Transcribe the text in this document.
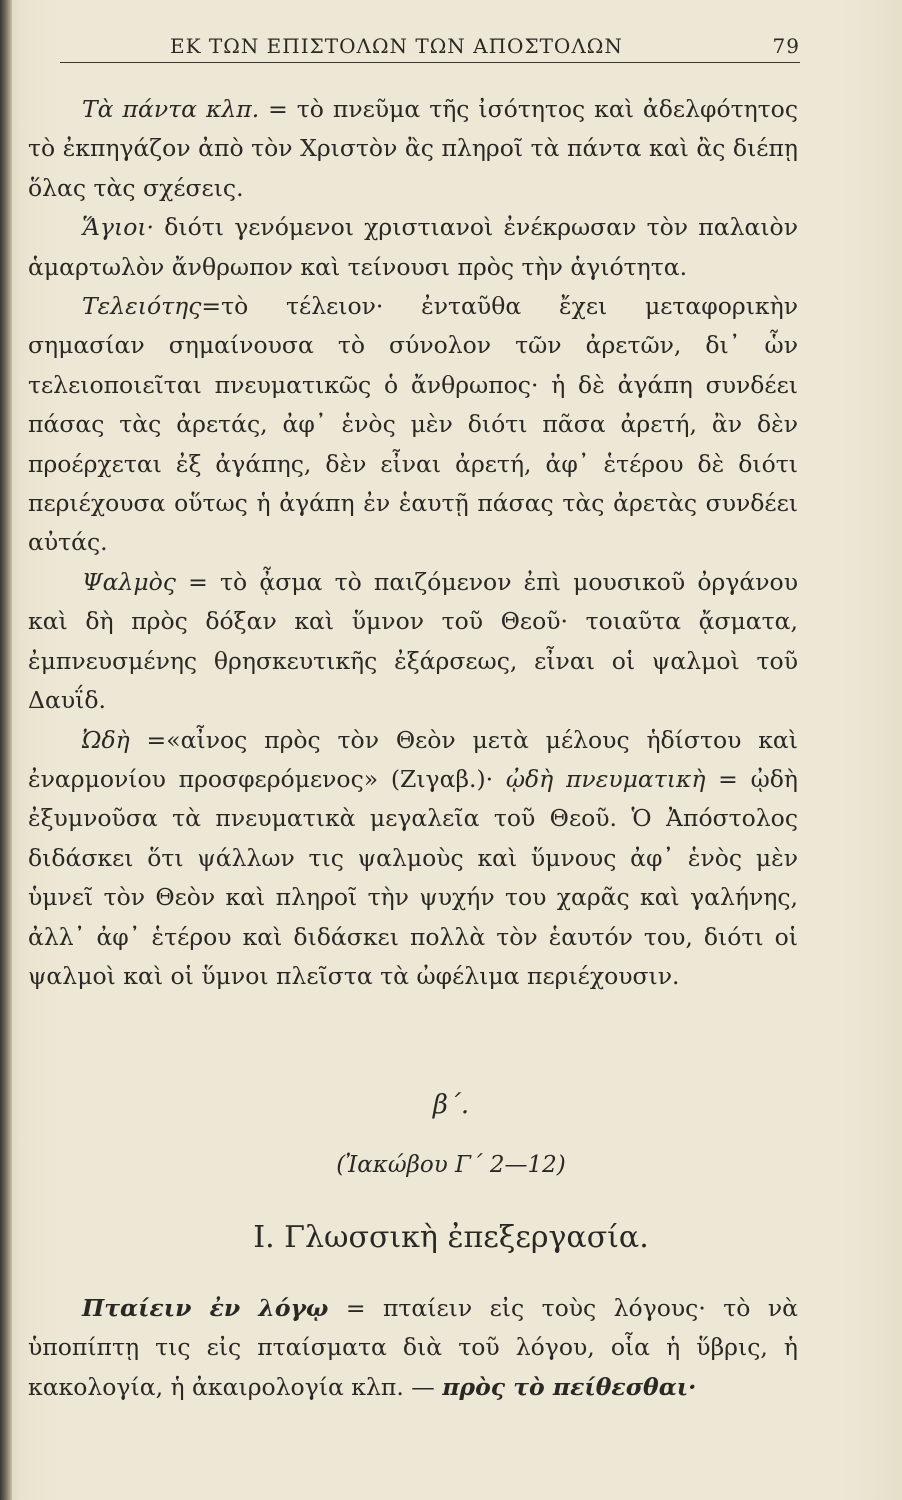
ΕΚ ΤΩΝ ΕΠΙΣΤΟΛΩΝ ΤΩΝ ΑΠΟΣΤΟΛΩΝ	79

Τὰ πάντα κλπ. = τὸ πνεῦμα τῆς ἰσότητος καὶ ἀδελφότητος τὸ ἐκπηγάζον ἀπὸ τὸν Χριστὸν ἂς πληροῖ τὰ πάντα καὶ ἂς διέπῃ ὅλας τὰς σχέσεις.

Ἅγιοι· διότι γενόμενοι χριστιανοὶ ἐνέκρωσαν τὸν παλαιὸν ἁμαρτωλὸν ἄνθρωπον καὶ τείνουσι πρὸς τὴν ἁγιότητα.

Τελειότης=τὸ τέλειον· ἐνταῦθα ἔχει μεταφορικὴν σημασίαν σημαίνουσα τὸ σύνολον τῶν ἀρετῶν, δι᾽ ὧν τελειοποιεῖται πνευματικῶς ὁ ἄνθρωπος· ἡ δὲ ἀγάπη συνδέει πάσας τὰς ἀρετάς, ἀφ᾽ ἑνὸς μὲν διότι πᾶσα ἀρετή, ἂν δὲν προέρχεται ἐξ ἀγάπης, δὲν εἶναι ἀρετή, ἀφ᾽ ἑτέρου δὲ διότι περιέχουσα οὕτως ἡ ἀγάπη ἐν ἑαυτῇ πάσας τὰς ἀρετὰς συνδέει αὐτάς.

Ψαλμὸς = τὸ ᾆσμα τὸ παιζόμενον ἐπὶ μουσικοῦ ὀργάνου καὶ δὴ πρὸς δόξαν καὶ ὕμνον τοῦ Θεοῦ· τοιαῦτα ᾄσματα, ἐμπνευσμένης θρησκευτικῆς ἐξάρσεως, εἶναι οἱ ψαλμοὶ τοῦ Δαυΐδ.

Ὠδὴ =«αἶνος πρὸς τὸν Θεὸν μετὰ μέλους ἡδίστου καὶ ἐναρμονίου προσφερόμενος» (Ζιγαβ.)· ᾠδὴ πνευματικὴ = ᾠδὴ ἐξυμνοῦσα τὰ πνευματικὰ μεγαλεῖα τοῦ Θεοῦ. Ὁ Ἀπόστολος διδάσκει ὅτι ψάλλων τις ψαλμοὺς καὶ ὕμνους ἀφ᾽ ἑνὸς μὲν ὑμνεῖ τὸν Θεὸν καὶ πληροῖ τὴν ψυχήν του χαρᾶς καὶ γαλήνης, ἀλλ᾽ ἀφ᾽ ἑτέρου καὶ διδάσκει πολλὰ τὸν ἑαυτόν του, διότι οἱ ψαλμοὶ καὶ οἱ ὕμνοι πλεῖστα τὰ ὠφέλιμα περιέχουσιν.

β΄.
(Ἰακώβου Γ΄ 2—12)
I. Γλωσσικὴ ἐπεξεργασία.

Πταίειν ἐν λόγῳ = πταίειν εἰς τοὺς λόγους· τὸ νὰ ὑποπίπτῃ τις εἰς πταίσματα διὰ τοῦ λόγου, οἷα ἡ ὕβρις, ἡ κακολογία, ἡ ἀκαιρολογία κλπ. — πρὸς τὸ πείθεσθαι·
